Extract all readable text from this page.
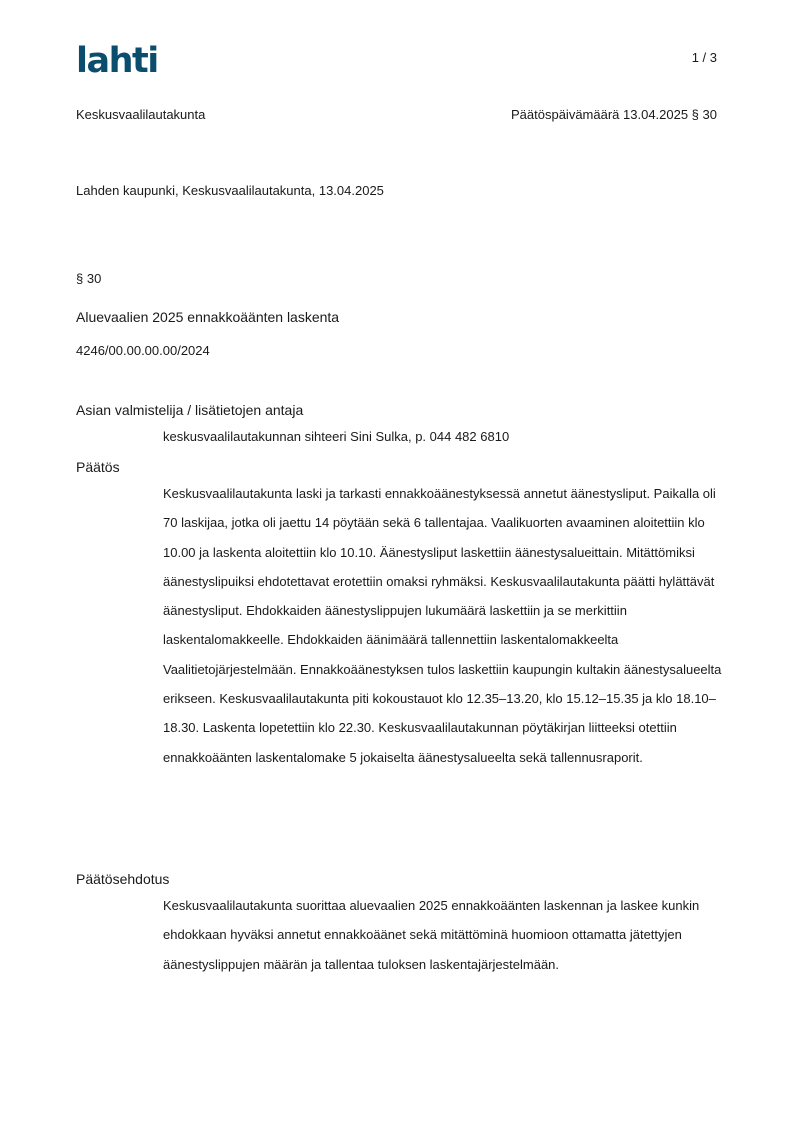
lahti	1 / 3
Keskusvaalilautakunta	Päätöspäivämäärä 13.04.2025 § 30
Lahden kaupunki, Keskusvaalilautakunta, 13.04.2025
§ 30
Aluevaalien 2025 ennakkoäänten laskenta
4246/00.00.00.00/2024
Asian valmistelija / lisätietojen antaja

keskusvaalilautakunnan sihteeri Sini Sulka, p. 044 482 6810

Päätös

Keskusvaalilautakunta laski ja tarkasti ennakkoäänestyksessä annetut äänestysliput. Paikalla oli 70 laskijaa, jotka oli jaettu 14 pöytään sekä 6 tallentajaa. Vaalikuorten avaaminen aloitettiin klo 10.00 ja laskenta aloitettiin klo 10.10. Äänestysliput laskettiin äänestysalueittain. Mitättömiksi äänestyslipuiksi ehdotettavat erotettiin omaksi ryhmäksi. Keskusvaalilautakunta päätti hylättävät äänestysliput. Ehdokkaiden äänestyslippujen lukumäärä laskettiin ja se merkittiin laskentalomakkeelle. Ehdokkaiden äänimäärä tallennettiin laskentalomakkeelta Vaalitietojärjestelmään. Ennakkoäänestyksen tulos laskettiin kaupungin kultakin äänestysalueelta erikseen. Keskusvaalilautakunta piti kokoustauot klo 12.35–13.20, klo 15.12–15.35 ja klo 18.10–18.30. Laskenta lopetettiin klo 22.30. Keskusvaalilautakunnan pöytäkirjan liitteeksi otettiin ennakkoäänten laskentalomake 5 jokaiselta äänestysalueelta sekä tallennusraporit.

Päätösehdotus

Keskusvaalilautakunta suorittaa aluevaalien 2025 ennakkoäänten laskennan ja laskee kunkin ehdokkaan hyväksi annetut ennakkoäänet sekä mitättöminä huomioon ottamatta jätettyjen äänestyslippujen määrän ja tallentaa tuloksen laskentajärjestelmään.
